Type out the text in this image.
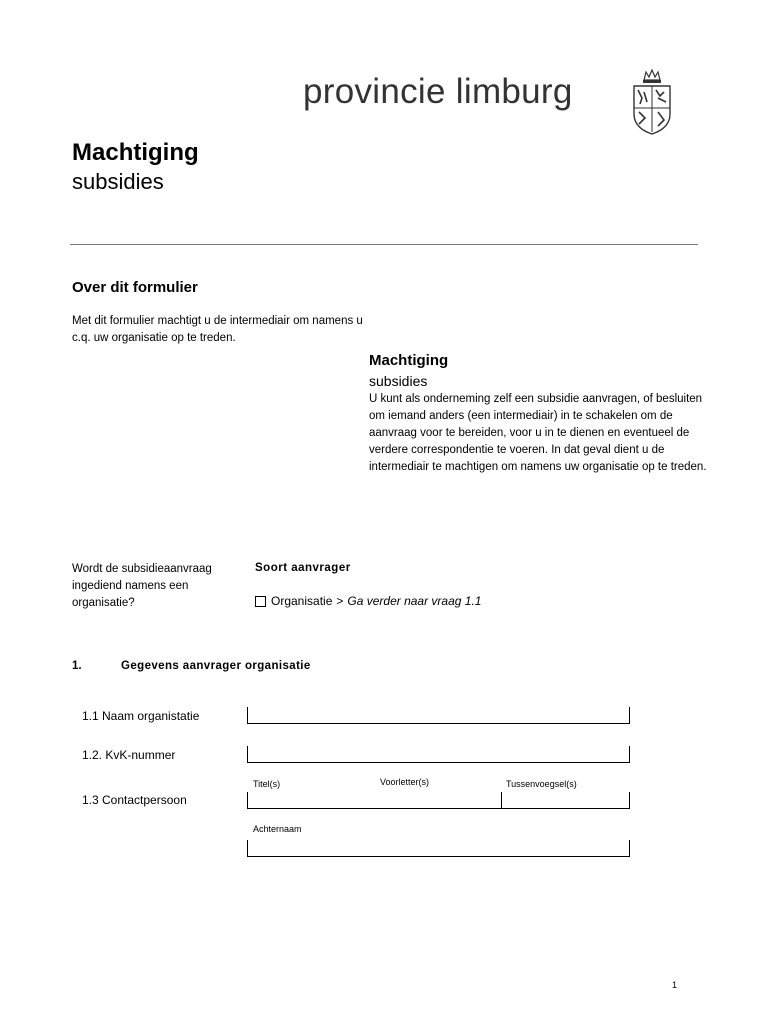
provincie limburg
Machtiging
subsidies
Over dit formulier
Met dit formulier machtigt u de intermediair om namens u c.q. uw organisatie op te treden.
Machtiging
subsidies
U kunt als onderneming zelf een subsidie aanvragen, of besluiten om iemand anders (een intermediair) in te schakelen om de aanvraag voor te bereiden, voor u in te dienen en eventueel de verdere correspondentie te voeren. In dat geval dient u de intermediair te machtigen om namens uw organisatie op te treden.
Wordt de subsidieaanvraag ingediend namens een organisatie?
Soort aanvrager
Organisatie > Ga verder naar vraag 1.1
1.	Gegevens aanvrager organisatie
1.1 Naam organistatie
1.2. KvK-nummer
Titel(s)	Voorletter(s)	Tussenvoegsel(s)
1.3 Contactpersoon
Achternaam
1
